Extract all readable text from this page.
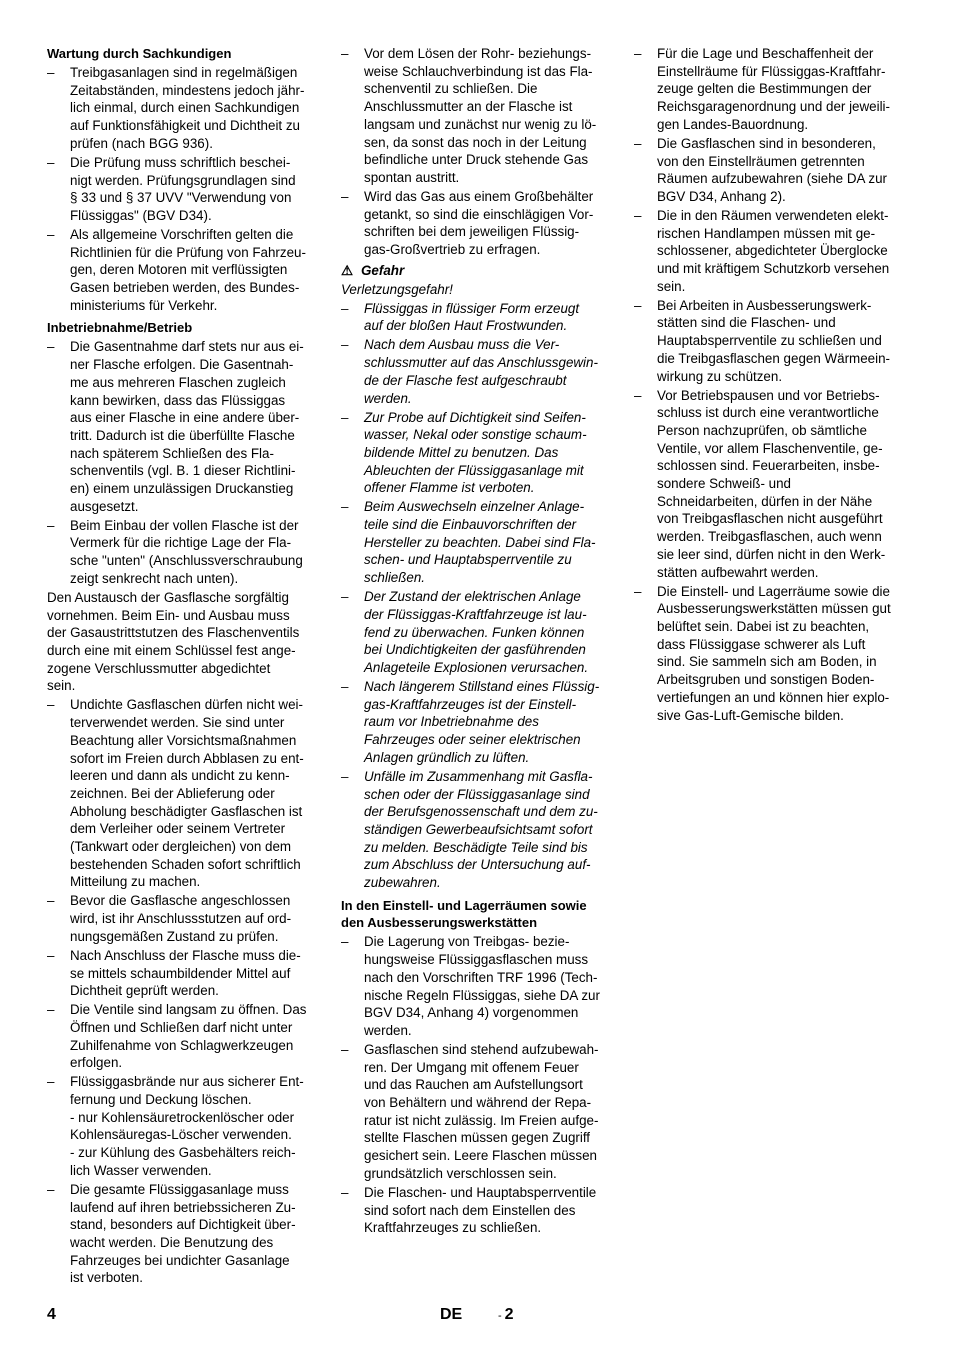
Wartung durch Sachkundigen
– Treibgasanlagen sind in regelmäßigen
Zeitabständen, mindestens jedoch jähr-
lich einmal, durch einen Sachkundigen
auf Funktionsfähigkeit und Dichtheit zu
prüfen (nach BGG 936).
– Die Prüfung muss schriftlich beschei-
nigt werden. Prüfungsgrundlagen sind
§ 33 und § 37 UVV "Verwendung von
Flüssiggas" (BGV D34).
– Als allgemeine Vorschriften gelten die
Richtlinien für die Prüfung von Fahrzeu-
gen, deren Motoren mit verflüssigten
Gasen betrieben werden, des Bundes-
ministeriums für Verkehr.
Inbetriebnahme/Betrieb
– Die Gasentnahme darf stets nur aus ei-
ner Flasche erfolgen. Die Gasentnah-
me aus mehreren Flaschen zugleich
kann bewirken, dass das Flüssiggas
aus einer Flasche in eine andere über-
tritt. Dadurch ist die überfüllte Flasche
nach späterem Schließen des Fla-
schenventils (vgl. B. 1 dieser Richtlini-
en) einem unzulässigen Druckanstieg
ausgesetzt.
– Beim Einbau der vollen Flasche ist der
Vermerk für die richtige Lage der Fla-
sche "unten" (Anschlussverschraubung
zeigt senkrecht nach unten).
Den Austausch der Gasflasche sorgfältig
vornehmen. Beim Ein- und Ausbau muss
der Gasaustrittstutzen des Flaschenventils
durch eine mit einem Schlüssel fest ange-
zogene Verschlussmutter abgedichtet
sein.
– Undichte Gasflaschen dürfen nicht wei-
terverwendet werden. Sie sind unter
Beachtung aller Vorsichtsmaßnahmen
sofort im Freien durch Abblasen zu ent-
leeren und dann als undicht zu kenn-
zeichnen. Bei der Ablieferung oder
Abholung beschädigter Gasflaschen ist
dem Verleiher oder seinem Vertreter
(Tankwart oder dergleichen) von dem
bestehenden Schaden sofort schriftlich
Mitteilung zu machen.
– Bevor die Gasflasche angeschlossen
wird, ist ihr Anschlussstutzen auf ord-
nungsgemäßen Zustand zu prüfen.
– Nach Anschluss der Flasche muss die-
se mittels schaumbildender Mittel auf
Dichtheit geprüft werden.
– Die Ventile sind langsam zu öffnen. Das
Öffnen und Schließen darf nicht unter
Zuhilfenahme von Schlagwerkzeugen
erfolgen.
– Flüssiggasbrände nur aus sicherer Ent-
fernung und Deckung löschen.
- nur Kohlensäuretrockenlöscher oder
Kohlensäuregas-Löscher verwenden.
- zur Kühlung des Gasbehälters reich-
lich Wasser verwenden.
– Die gesamte Flüssiggasanlage muss
laufend auf ihren betriebssicheren Zu-
stand, besonders auf Dichtigkeit über-
wacht werden. Die Benutzung des
Fahrzeuges bei undichter Gasanlage
ist verboten.
– Vor dem Lösen der Rohr- beziehungs-
weise Schlauchverbindung ist das Fla-
schenventil zu schließen. Die
Anschlussmutter an der Flasche ist
langsam und zunächst nur wenig zu lö-
sen, da sonst das noch in der Leitung
befindliche unter Druck stehende Gas
spontan austritt.
– Wird das Gas aus einem Großbehälter
getankt, so sind die einschlägigen Vor-
schriften bei dem jeweiligen Flüssig-
gas-Großvertrieb zu erfragen.
⚠ Gefahr
Verletzungsgefahr!
– Flüssiggas in flüssiger Form erzeugt
auf der bloßen Haut Frostwunden.
– Nach dem Ausbau muss die Ver-
schlussmutter auf das Anschlussgewin-
de der Flasche fest aufgeschraubt
werden.
– Zur Probe auf Dichtigkeit sind Seifen-
wasser, Nekal oder sonstige schaum-
bildende Mittel zu benutzen. Das
Ableuchten der Flüssiggasanlage mit
offener Flamme ist verboten.
– Beim Auswechseln einzelner Anlage-
teile sind die Einbauvorschriften der
Hersteller zu beachten. Dabei sind Fla-
schen- und Hauptabsperrventile zu
schließen.
– Der Zustand der elektrischen Anlage
der Flüssiggas-Kraftfahrzeuge ist lau-
fend zu überwachen. Funken können
bei Undichtigkeiten der gasführenden
Anlageteile Explosionen verursachen.
– Nach längerem Stillstand eines Flüssig-
gas-Kraftfahrzeuges ist der Einstell-
raum vor Inbetriebnahme des
Fahrzeuges oder seiner elektrischen
Anlagen gründlich zu lüften.
– Unfälle im Zusammenhang mit Gasfla-
schen oder der Flüssiggasanlage sind
der Berufsgenossenschaft und dem zu-
ständigen Gewerbeaufsichtsamt sofort
zu melden. Beschädigte Teile sind bis
zum Abschluss der Untersuchung auf-
zubewahren.
In den Einstell- und Lagerräumen sowie
den Ausbesserungswerkstätten
– Die Lagerung von Treibgas- bezie-
hungsweise Flüssiggasflaschen muss
nach den Vorschriften TRF 1996 (Tech-
nische Regeln Flüssiggas, siehe DA zur
BGV D34, Anhang 4) vorgenommen
werden.
– Gasflaschen sind stehend aufzubewah-
ren. Der Umgang mit offenem Feuer
und das Rauchen am Aufstellungsort
von Behältern und während der Repa-
ratur ist nicht zulässig. Im Freien aufge-
stellte Flaschen müssen gegen Zugriff
gesichert sein. Leere Flaschen müssen
grundsätzlich verschlossen sein.
– Die Flaschen- und Hauptabsperrventile
sind sofort nach dem Einstellen des
Kraftfahrzeuges zu schließen.
– Für die Lage und Beschaffenheit der
Einstellräume für Flüssiggas-Kraftfahr-
zeuge gelten die Bestimmungen der
Reichsgaragenordnung und der jeweili-
gen Landes-Bauordnung.
– Die Gasflaschen sind in besonderen,
von den Einstellräumen getrennten
Räumen aufzubewahren (siehe DA zur
BGV D34, Anhang 2).
– Die in den Räumen verwendeten elekt-
rischen Handlampen müssen mit ge-
schlossener, abgedichteter Überglocke
und mit kräftigem Schutzkorb versehen
sein.
– Bei Arbeiten in Ausbesserungswerk-
stätten sind die Flaschen- und
Hauptabsperrventile zu schließen und
die Treibgasflaschen gegen Wärmeein-
wirkung zu schützen.
– Vor Betriebspausen und vor Betriebs-
schluss ist durch eine verantwortliche
Person nachzuprüfen, ob sämtliche
Ventile, vor allem Flaschenventile, ge-
schlossen sind. Feuerarbeiten, insbe-
sondere Schweiß- und
Schneidarbeiten, dürfen in der Nähe
von Treibgasflaschen nicht ausgeführt
werden. Treibgasflaschen, auch wenn
sie leer sind, dürfen nicht in den Werk-
stätten aufbewahrt werden.
– Die Einstell- und Lagerräume sowie die
Ausbesserungswerkstätten müssen gut
belüftet sein. Dabei ist zu beachten,
dass Flüssiggase schwerer als Luft
sind. Sie sammeln sich am Boden, in
Arbeitsgruben und sonstigen Boden-
vertiefungen an und können hier explo-
sive Gas-Luft-Gemische bilden.
4	DE	- 2
